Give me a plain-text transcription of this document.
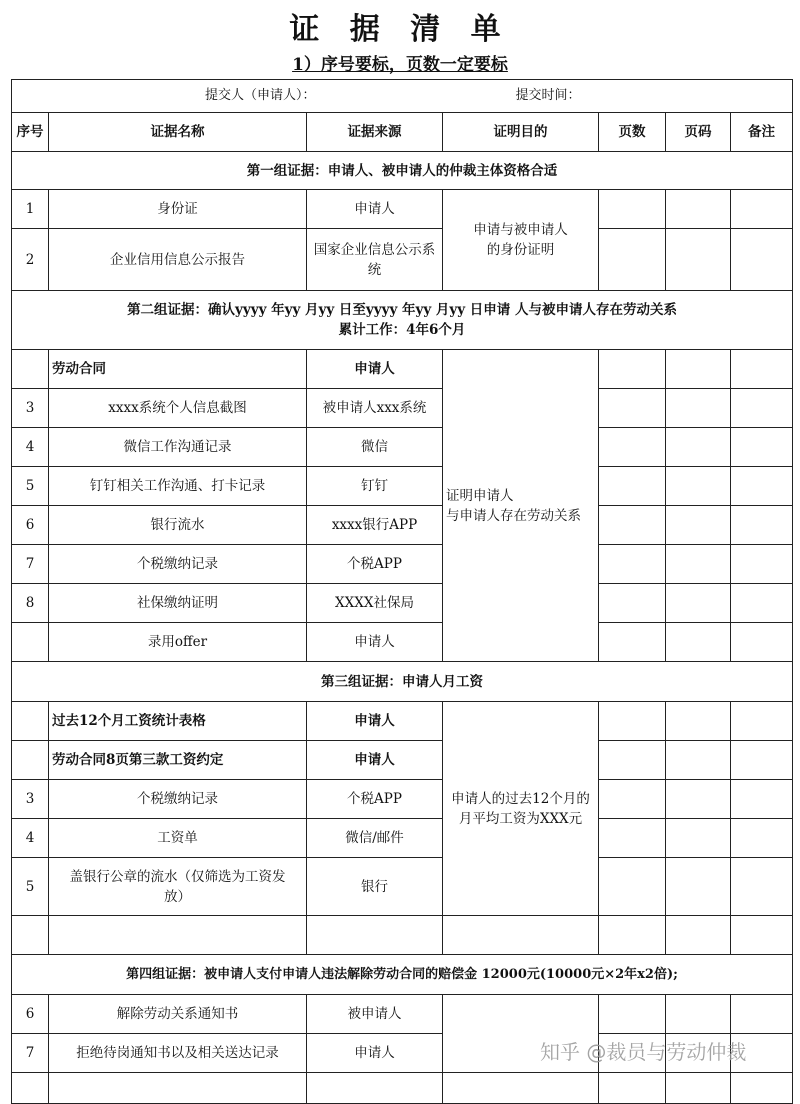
证 据 清 单
1）序号要标，页数一定要标
提交人（申请人）： 提交时间：						
序号	证据名称	证据来源	证明目的	页数	页码	备注
第一组证据：申请人、被申请人的仲裁主体资格合适						
1	身份证	申请人	申请与被申请人
的身份证明			
2	企业信用信息公示报告	国家企业信息公示系
统				
第二组证据：确认yyyy 年yy 月yy 日至yyyy 年yy 月yy 日申请 人与被申请人存在劳动关系
累计工作：4年6个月						
	劳动合同	申请人	证明申请人
与申请人存在劳动关系			
3	xxxx系统个人信息截图	被申请人xxx系统				
4	微信工作沟通记录	微信				
5	钉钉相关工作沟通、打卡记录	钉钉				
6	银行流水	xxxx银行APP				
7	个税缴纳记录	个税APP				
8	社保缴纳证明	XXXX社保局				
	录用offer	申请人				
第三组证据：申请人月工资						
	过去12个月工资统计表格	申请人	申请人的过去12个月的
月平均工资为XXX元			
	劳动合同8页第三款工资约定	申请人				
3	个税缴纳记录	个税APP				
4	工资单	微信/邮件				
5	盖银行公章的流水（仅筛选为工资发
放）	银行				

第四组证据：被申请人支付申请人违法解除劳动合同的赔偿金 12000元(10000元×2年x2倍);						
6	解除劳动关系通知书	被申请人				
7	拒绝待岗通知书以及相关送达记录	申请人				
							知乎 @裁员与劳动仲裁
